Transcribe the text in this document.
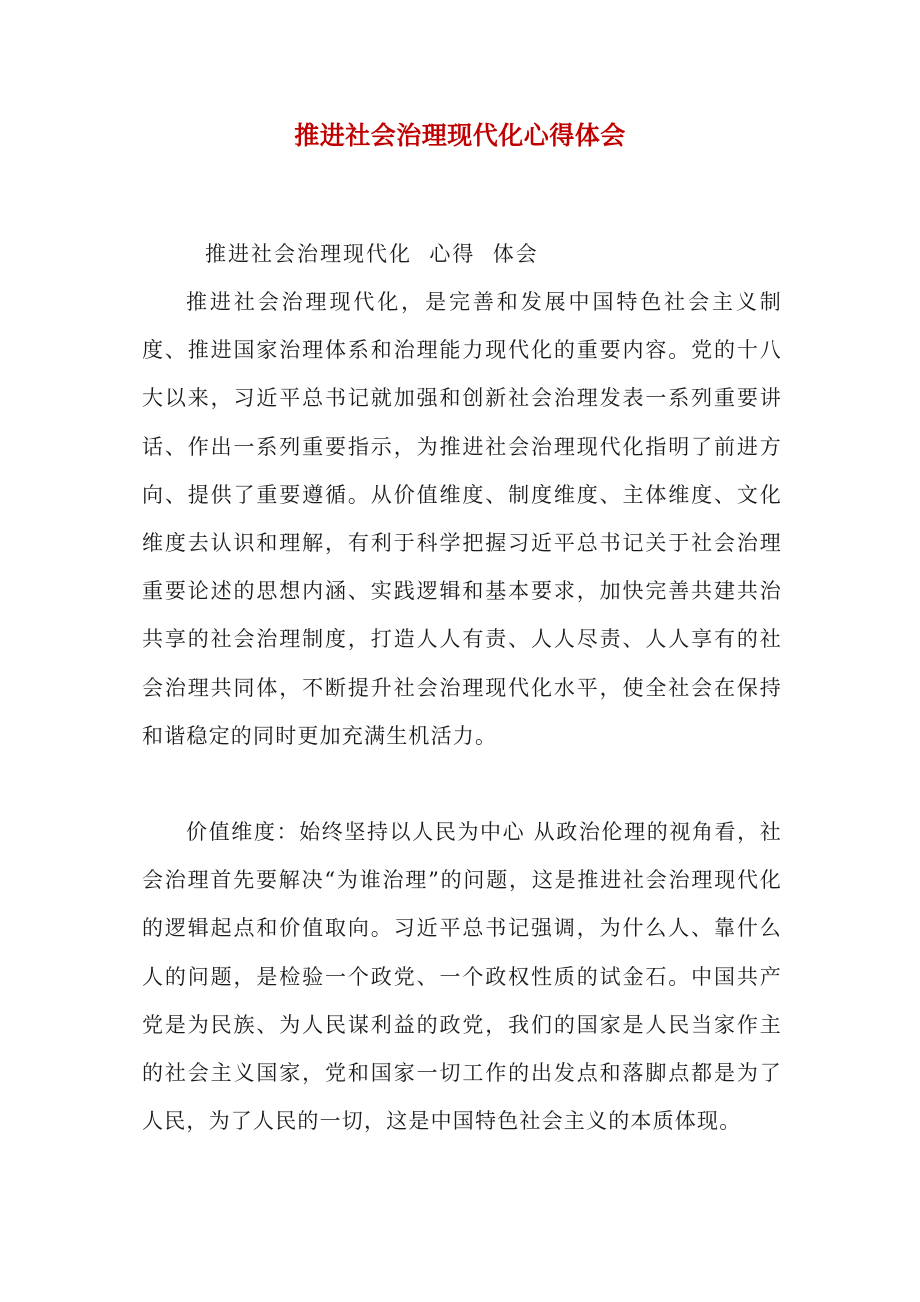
推进社会治理现代化心得体会

推进社会治理现代化  心得  体会

推进社会治理现代化，是完善和发展中国特色社会主义制度、推进国家治理体系和治理能力现代化的重要内容。党的十八大以来，习近平总书记就加强和创新社会治理发表一系列重要讲话、作出一系列重要指示，为推进社会治理现代化指明了前进方向、提供了重要遵循。从价值维度、制度维度、主体维度、文化维度去认识和理解，有利于科学把握习近平总书记关于社会治理重要论述的思想内涵、实践逻辑和基本要求，加快完善共建共治共享的社会治理制度，打造人人有责、人人尽责、人人享有的社会治理共同体，不断提升社会治理现代化水平，使全社会在保持和谐稳定的同时更加充满生机活力。

价值维度：始终坚持以人民为中心 从政治伦理的视角看，社会治理首先要解决“为谁治理”的问题，这是推进社会治理现代化的逻辑起点和价值取向。习近平总书记强调，为什么人、靠什么人的问题，是检验一个政党、一个政权性质的试金石。中国共产党是为民族、为人民谋利益的政党，我们的国家是人民当家作主的社会主义国家，党和国家一切工作的出发点和落脚点都是为了人民，为了人民的一切，这是中国特色社会主义的本质体现。
